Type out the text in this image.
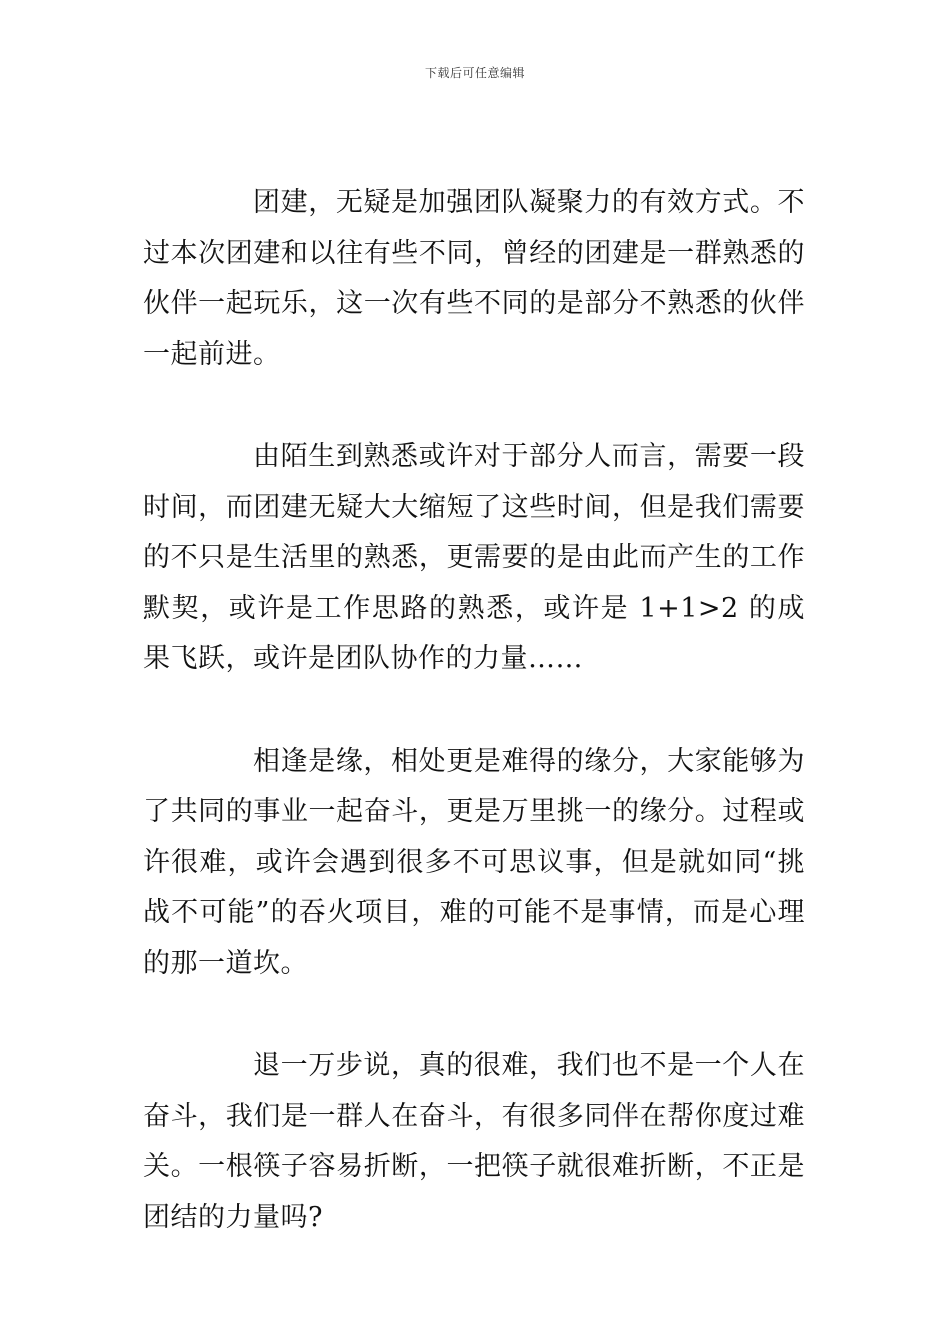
下载后可任意编辑

团建，无疑是加强团队凝聚力的有效方式。不过本次团建和以往有些不同，曾经的团建是一群熟悉的伙伴一起玩乐，这一次有些不同的是部分不熟悉的伙伴一起前进。

由陌生到熟悉或许对于部分人而言，需要一段时间，而团建无疑大大缩短了这些时间，但是我们需要的不只是生活里的熟悉，更需要的是由此而产生的工作默契，或许是工作思路的熟悉，或许是 1+1>2 的成果飞跃，或许是团队协作的力量……

相逢是缘，相处更是难得的缘分，大家能够为了共同的事业一起奋斗，更是万里挑一的缘分。过程或许很难，或许会遇到很多不可思议事，但是就如同“挑战不可能”的吞火项目，难的可能不是事情，而是心理的那一道坎。

退一万步说，真的很难，我们也不是一个人在奋斗，我们是一群人在奋斗，有很多同伴在帮你度过难关。一根筷子容易折断，一把筷子就很难折断，不正是团结的力量吗?
